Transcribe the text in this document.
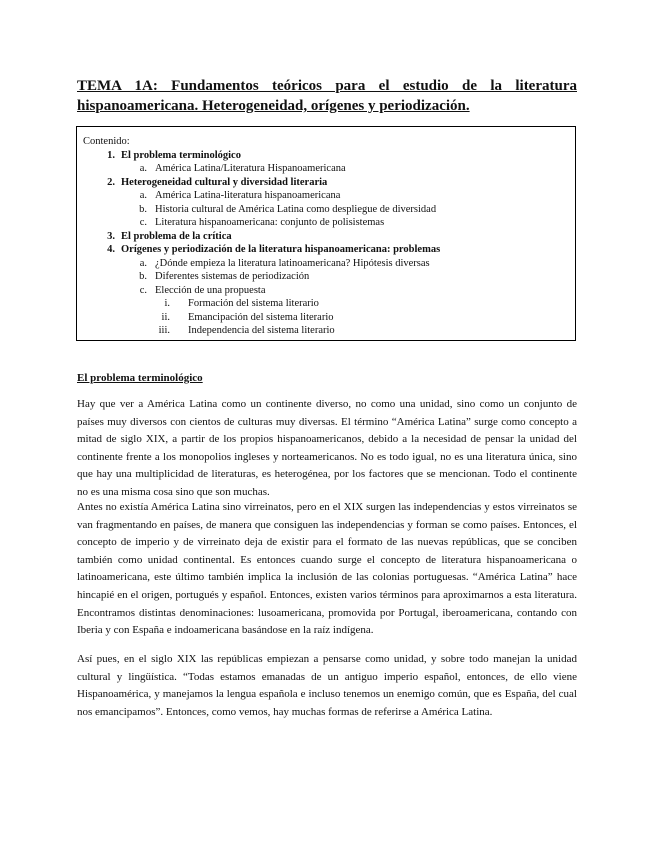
TEMA 1A: Fundamentos teóricos para el estudio de la literatura hispanoamericana. Heterogeneidad, orígenes y periodización.

Contenido:

1. El problema terminológico
a. América Latina/Literatura Hispanoamericana
2. Heterogeneidad cultural y diversidad literaria
a. América Latina-literatura hispanoamericana
b. Historia cultural de América Latina como despliegue de diversidad
c. Literatura hispanoamericana: conjunto de polisistemas
3. El problema de la crítica
4. Orígenes y periodización de la literatura hispanoamericana: problemas
a. ¿Dónde empieza la literatura latinoamericana? Hipótesis diversas
b. Diferentes sistemas de periodización
c. Elección de una propuesta
i.	Formación del sistema literario
ii.	Emancipación del sistema literario
iii.	Independencia del sistema literario
El problema terminológico

Hay que ver a América Latina como un continente diverso, no como una unidad, sino como un conjunto de países muy diversos con cientos de culturas muy diversas. El término “América Latina” surge como concepto a mitad de siglo XIX, a partir de los propios hispanoamericanos, debido a la necesidad de pensar la unidad del continente frente a los monopolios ingleses y norteamericanos. No es todo igual, no es una literatura única, sino que hay una multiplicidad de literaturas, es heterogénea, por los factores que se mencionan. Todo el continente no es una misma cosa sino que son muchas.

Antes no existía América Latina sino virreinatos, pero en el XIX surgen las independencias y estos virreinatos se van fragmentando en países, de manera que consiguen las independencias y forman se como países. Entonces, el concepto de imperio y de virreinato deja de existir para el formato de las nuevas repúblicas, que se conciben también como unidad continental. Es entonces cuando surge el concepto de literatura hispanoamericana o latinoamericana, este último también implica la inclusión de las colonias portuguesas. “América Latina” hace hincapié en el origen, portugués y español. Entonces, existen varios términos para aproximarnos a esta literatura. Encontramos distintas denominaciones: lusoamericana, promovida por Portugal, iberoamericana, contando con Iberia y con España e indoamericana basándose en la raíz indígena.

Así pues, en el siglo XIX las repúblicas empiezan a pensarse como unidad, y sobre todo manejan la unidad cultural y lingüística. “Todas estamos emanadas de un antiguo imperio español, entonces, de ello viene Hispanoamérica, y manejamos la lengua española e incluso tenemos un enemigo común, que es España, del cual nos emancipamos”. Entonces, como vemos, hay muchas formas de referirse a América Latina.
